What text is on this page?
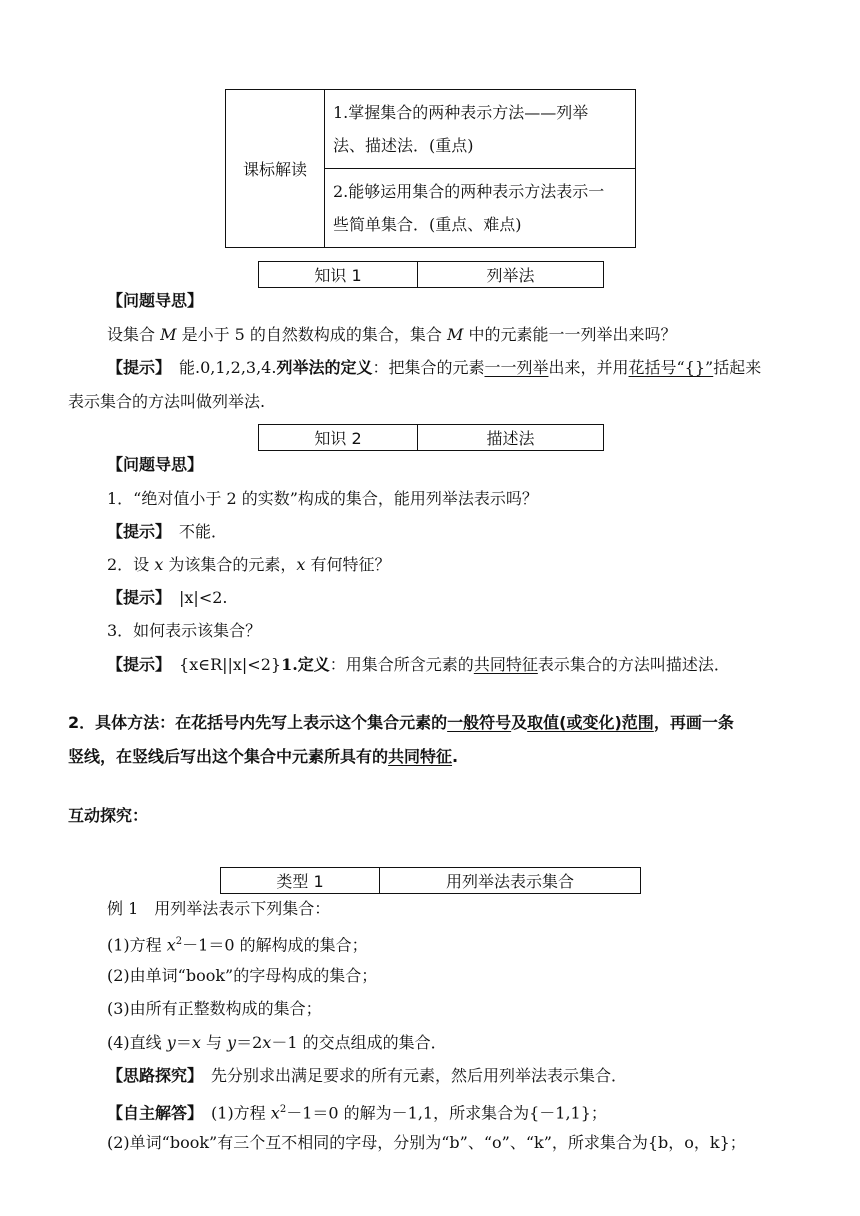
课标解读	1.掌握集合的两种表示方法——列举
法、描述法．(重点)
2.能够运用集合的两种表示方法表示一
些简单集合．(重点、难点)
知识 1	列举法
【问题导思】
设集合 M 是小于 5 的自然数构成的集合，集合 M 中的元素能一一列举出来吗？
【提示】　能.0,1,2,3,4.列举法的定义：把集合的元素一一列举出来，并用花括号“{}”括起来
表示集合的方法叫做列举法.
知识 2	描述法
【问题导思】
1．“绝对值小于 2 的实数”构成的集合，能用列举法表示吗？
【提示】　不能．
2．设 x 为该集合的元素，x 有何特征？
【提示】　|x|<2.
3．如何表示该集合？
【提示】　{x∈R||x|<2}1.定义：用集合所含元素的共同特征表示集合的方法叫描述法．
2．具体方法：在花括号内先写上表示这个集合元素的一般符号及取值(或变化)范围，再画一条
竖线，在竖线后写出这个集合中元素所具有的共同特征.
互动探究：
类型 1	用列举法表示集合
例 1　用列举法表示下列集合：
(1)方程 $x^2-1=0$ 的解构成的集合；
(2)由单词“book”的字母构成的集合；
(3)由所有正整数构成的集合；
(4)直线 y＝x 与 y＝2x－1 的交点组成的集合．
【思路探究】　先分别求出满足要求的所有元素，然后用列举法表示集合．
【自主解答】　(1)方程 $x^2-1=0$ 的解为－1,1，所求集合为{－1,1}；
(2)单词“book”有三个互不相同的字母，分别为“b”、“o”、“k”，所求集合为{b，o，k}；
